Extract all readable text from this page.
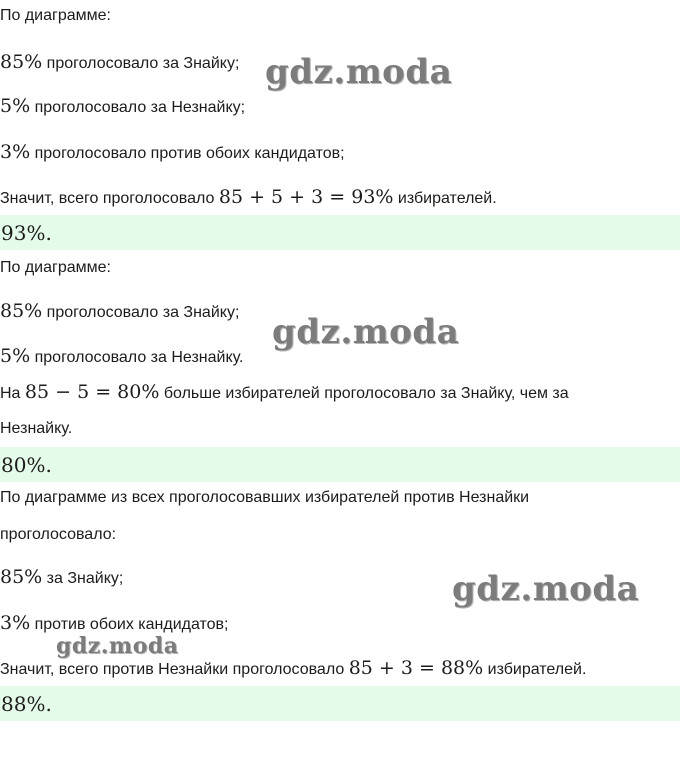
По диаграмме:
85% проголосовало за Знайку;
5% проголосовало за Незнайку;
3% проголосовало против обоих кандидатов;
Значит, всего проголосовало 85 + 5 + 3 = 93% избирателей.
93%.
По диаграмме:
85% проголосовало за Знайку;
5% проголосовало за Незнайку.
На 85 − 5 = 80% больше избирателей проголосовало за Знайку, чем за
Незнайку.
80%.
По диаграмме из всех проголосовавших избирателей против Незнайки
проголосовало:
85% за Знайку;
3% против обоих кандидатов;
Значит, всего против Незнайки проголосовало 85 + 3 = 88% избирателей.
88%.
gdz.moda
gdz.moda
gdz.moda
gdz.moda
